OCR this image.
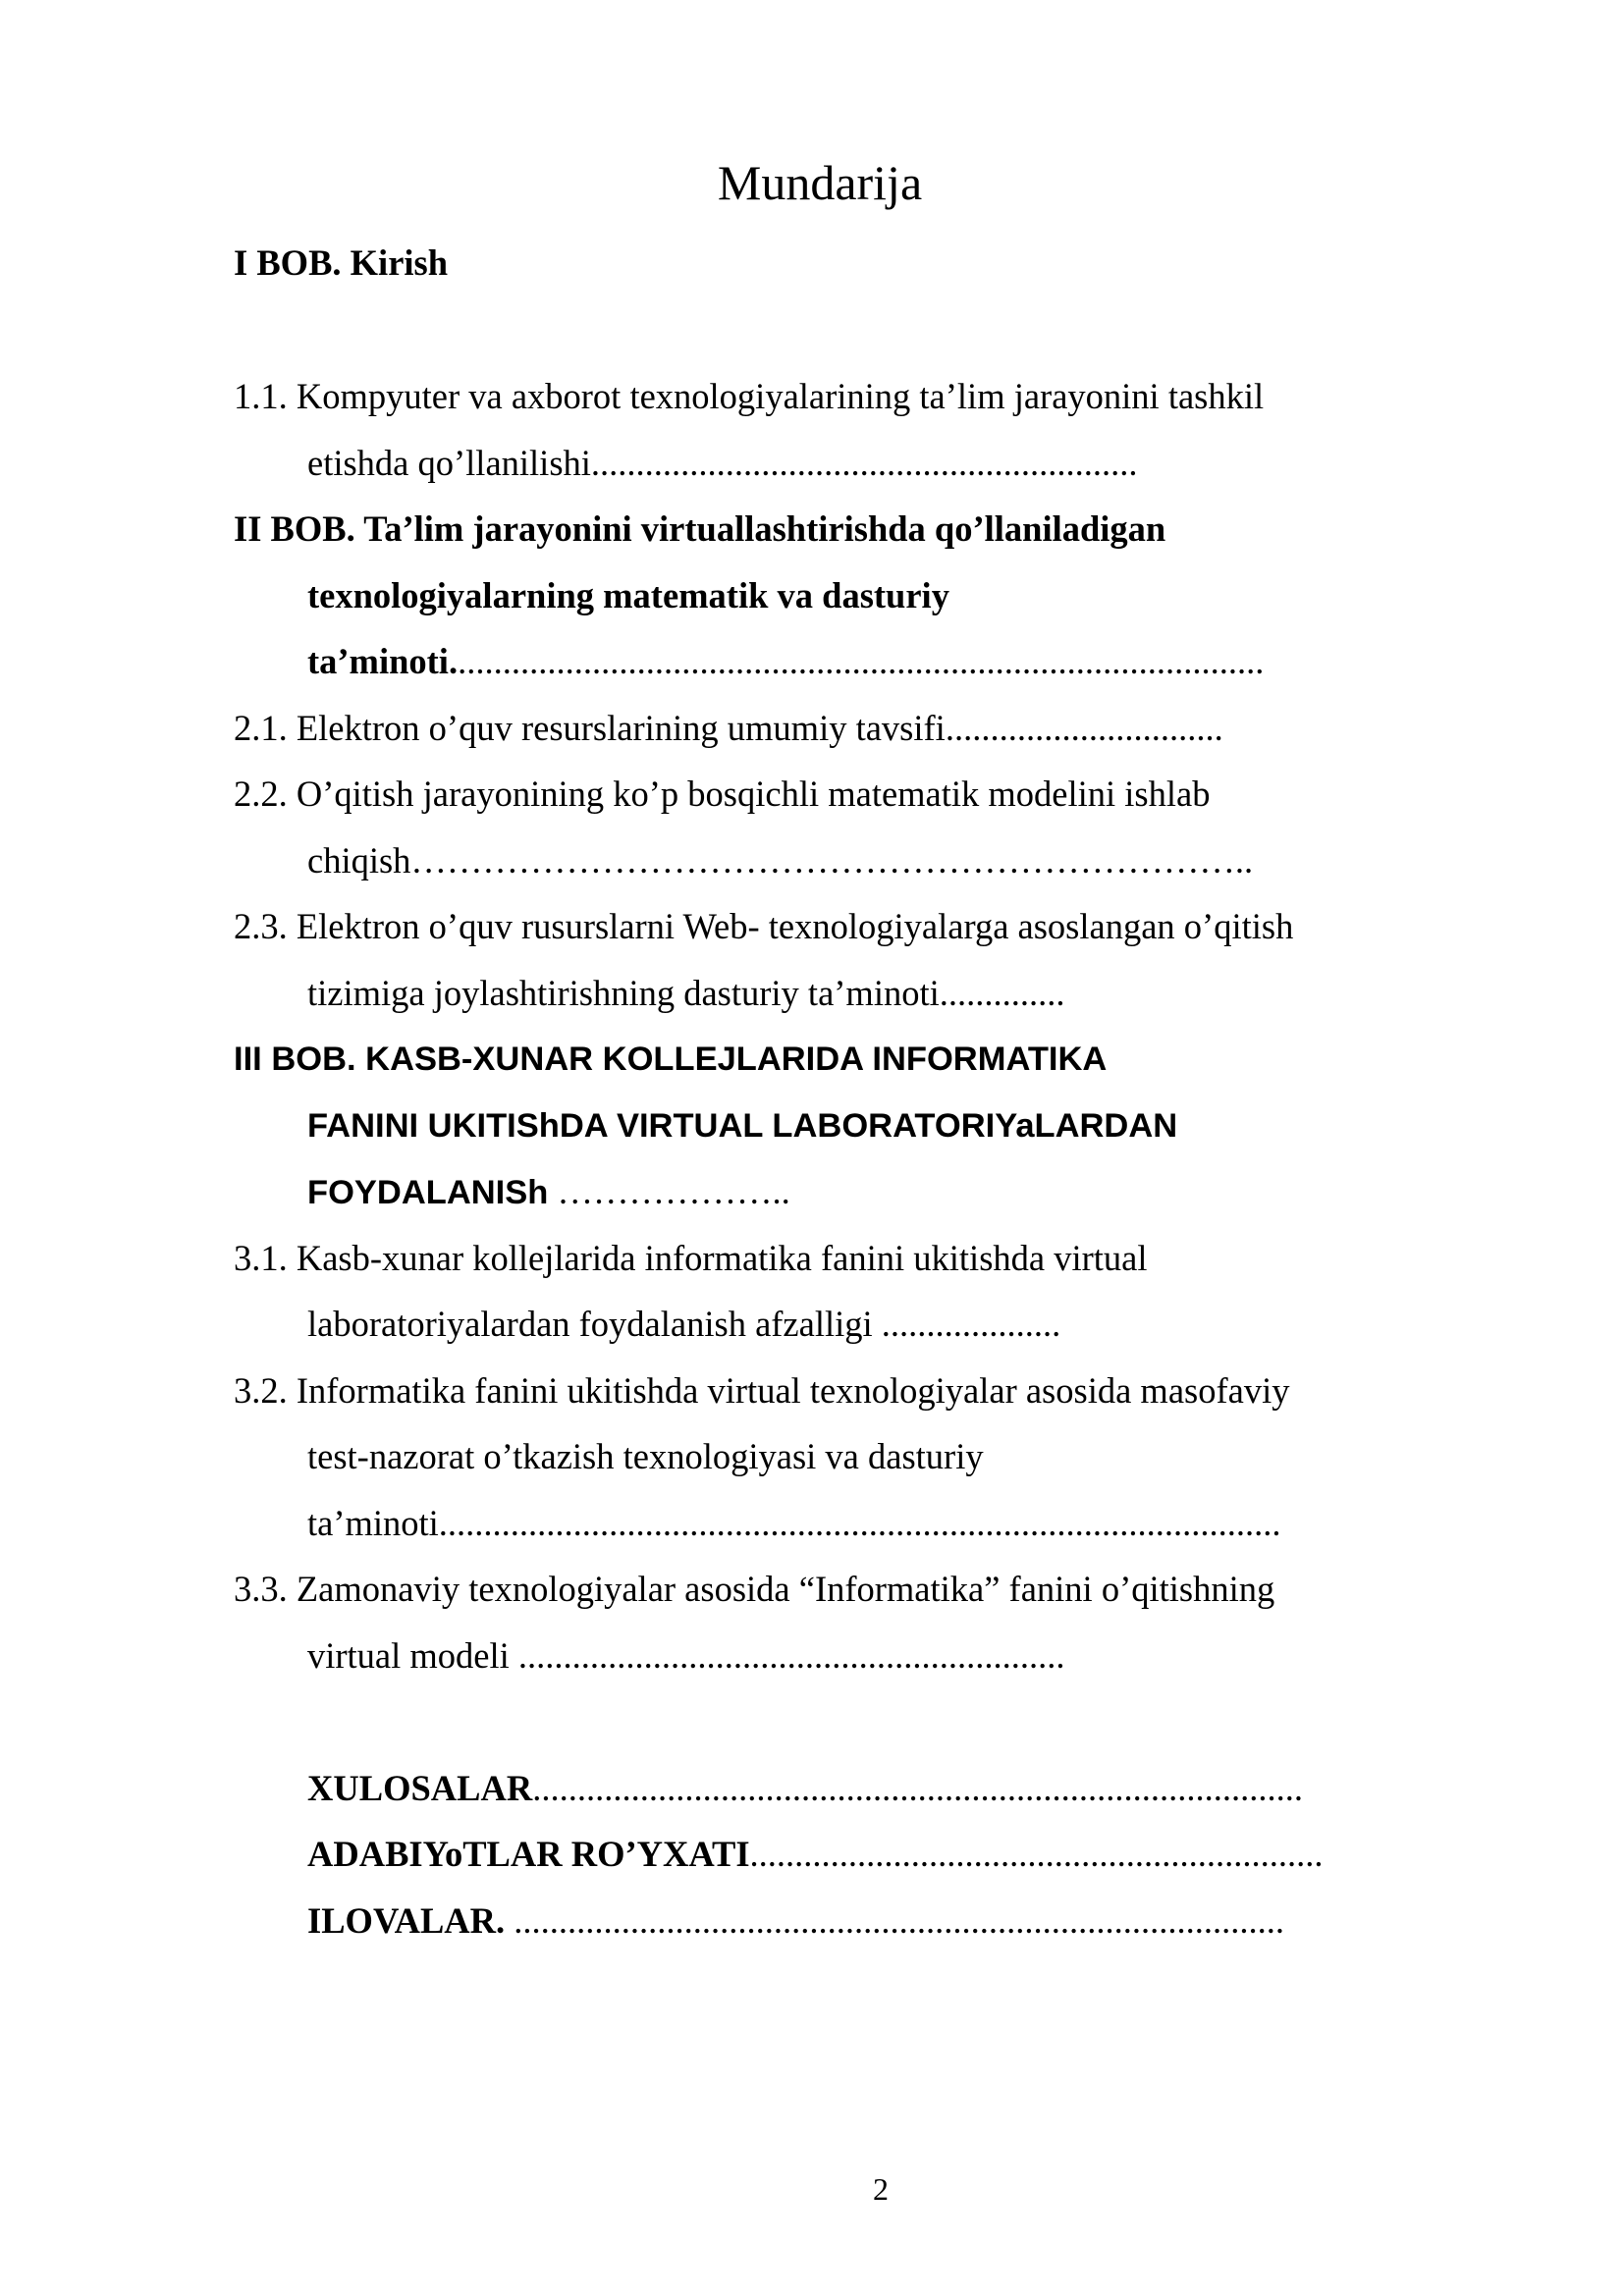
Mundarija
I BOB. Kirish
1.1. Kompyuter va axborot texnologiyalarining ta’lim jarayonini tashkil
etishda qo’llanilishi.............................................................
II BOB. Ta’lim jarayonini virtuallashtirishda qo’llaniladigan
texnologiyalarning matematik va dasturiy
ta’minoti...........................................................................................
2.1. Elektron o’quv resurslarining umumiy tavsifi...............................
2.2. O’qitish jarayonining ko’p bosqichli matematik modelini ishlab
chiqish……………………………………………………………..
2.3. Elektron o’quv rusurslarni Web- texnologiyalarga asoslangan o’qitish
tizimiga joylashtirishning dasturiy ta’minoti..............
III BOB. KASB-XUNAR KOLLEJLARIDA INFORMATIKA
FANINI UKITIShDA VIRTUAL LABORATORIYaLARDAN
FOYDALANISh ………………..
3.1. Kasb-xunar kollejlarida informatika fanini ukitishda virtual
laboratoriyalardan foydalanish afzalligi ....................
3.2. Informatika fanini ukitishda virtual texnologiyalar asosida masofaviy
test-nazorat o’tkazish texnologiyasi va dasturiy
ta’minoti..............................................................................................
3.3. Zamonaviy texnologiyalar asosida “Informatika” fanini o’qitishning
virtual modeli .............................................................
XULOSALAR......................................................................................
ADABIYoTLAR RO’YXATI................................................................
ILOVALAR. ......................................................................................
2
